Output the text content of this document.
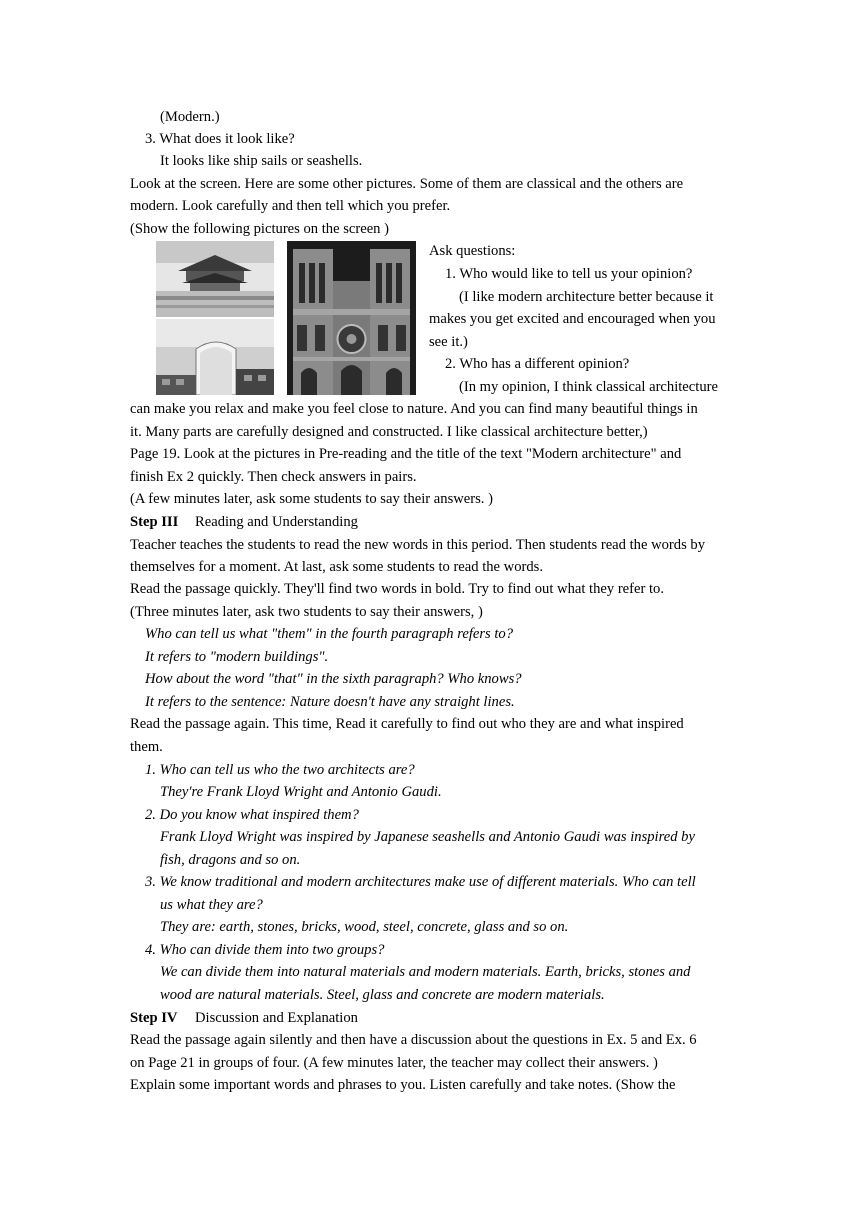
(Modern.)
3. What does it look like?
It looks like ship sails or seashells.
Look at the screen. Here are some other pictures. Some of them are classical and the others are
modern. Look carefully and then tell which you prefer.
(Show the following pictures on the screen )
Ask questions:
1. Who would like to tell us your opinion?
(I like modern architecture better because it
makes you get excited and encouraged when you
see it.)
2. Who has a different opinion?
(In my opinion, I think classical architecture
can make you relax and make you feel close to nature. And you can find many beautiful things in
it. Many parts are carefully designed and constructed. I like classical architecture better,)
Page 19. Look at the pictures in Pre-reading and the title of the text "Modern architecture" and
finish Ex 2 quickly. Then check answers in pairs.
(A few minutes later, ask some students to say their answers. )
Step III Reading and Understanding
Teacher teaches the students to read the new words in this period. Then students read the words by
themselves for a moment. At last, ask some students to read the words.
Read the passage quickly. They'll find two words in bold. Try to find out what they refer to.
(Three minutes later, ask two students to say their answers, )
Who can tell us what "them" in the fourth paragraph refers to?
It refers to "modern buildings".
How about the word "that" in the sixth paragraph? Who knows?
It refers to the sentence: Nature doesn't have any straight lines.
Read the passage again. This time, Read it carefully to find out who they are and what inspired
them.
1. Who can tell us who the two architects are?
They're Frank Lloyd Wright and Antonio Gaudi.
2. Do you know what inspired them?
Frank Lloyd Wright was inspired by Japanese seashells and Antonio Gaudi was inspired by
fish, dragons and so on.
3. We know traditional and modern architectures make use of different materials. Who can tell
us what they are?
They are: earth, stones, bricks, wood, steel, concrete, glass and so on.
4. Who can divide them into two groups?
We can divide them into natural materials and modern materials. Earth, bricks, stones and
wood are natural materials. Steel, glass and concrete are modern materials.
Step IV Discussion and Explanation
Read the passage again silently and then have a discussion about the questions in Ex. 5 and Ex. 6
on Page 21 in groups of four. (A few minutes later, the teacher may collect their answers. )
Explain some important words and phrases to you. Listen carefully and take notes. (Show the
